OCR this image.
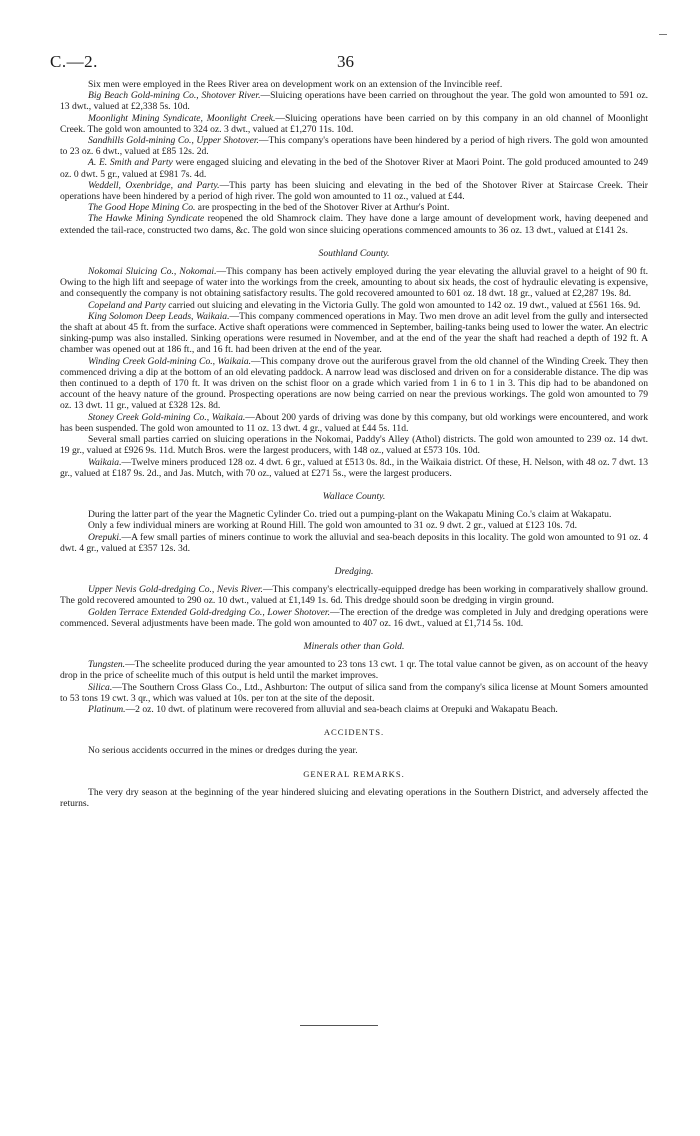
C.—2.	36

Six men were employed in the Rees River area on development work on an extension of the Invincible reef.

Big Beach Gold-mining Co., Shotover River.—Sluicing operations have been carried on throughout the year. The gold won amounted to 591 oz. 13 dwt., valued at £2,338 5s. 10d.

Moonlight Mining Syndicate, Moonlight Creek.—Sluicing operations have been carried on by this company in an old channel of Moonlight Creek. The gold won amounted to 324 oz. 3 dwt., valued at £1,270 11s. 10d.

Sandhills Gold-mining Co., Upper Shotover.—This company's operations have been hindered by a period of high rivers. The gold won amounted to 23 oz. 6 dwt., valued at £85 12s. 2d.

A. E. Smith and Party were engaged sluicing and elevating in the bed of the Shotover River at Maori Point. The gold produced amounted to 249 oz. 0 dwt. 5 gr., valued at £981 7s. 4d.

Weddell, Oxenbridge, and Party.—This party has been sluicing and elevating in the bed of the Shotover River at Staircase Creek. Their operations have been hindered by a period of high river. The gold won amounted to 11 oz., valued at £44.

The Good Hope Mining Co. are prospecting in the bed of the Shotover River at Arthur's Point.

The Hawke Mining Syndicate reopened the old Shamrock claim. They have done a large amount of development work, having deepened and extended the tail-race, constructed two dams, &c. The gold won since sluicing operations commenced amounts to 36 oz. 13 dwt., valued at £141 2s.

Southland County.

Nokomai Sluicing Co., Nokomai.—This company has been actively employed during the year elevating the alluvial gravel to a height of 90 ft. Owing to the high lift and seepage of water into the workings from the creek, amounting to about six heads, the cost of hydraulic elevating is expensive, and consequently the company is not obtaining satisfactory results. The gold recovered amounted to 601 oz. 18 dwt. 18 gr., valued at £2,287 19s. 8d.

Copeland and Party carried out sluicing and elevating in the Victoria Gully. The gold won amounted to 142 oz. 19 dwt., valued at £561 16s. 9d.

King Solomon Deep Leads, Waikaia.—This company commenced operations in May. Two men drove an adit level from the gully and intersected the shaft at about 45 ft. from the surface. Active shaft operations were commenced in September, bailing-tanks being used to lower the water. An electric sinking-pump was also installed. Sinking operations were resumed in November, and at the end of the year the shaft had reached a depth of 192 ft. A chamber was opened out at 186 ft., and 16 ft. had been driven at the end of the year.

Winding Creek Gold-mining Co., Waikaia.—This company drove out the auriferous gravel from the old channel of the Winding Creek. They then commenced driving a dip at the bottom of an old elevating paddock. A narrow lead was disclosed and driven on for a considerable distance. The dip was then continued to a depth of 170 ft. It was driven on the schist floor on a grade which varied from 1 in 6 to 1 in 3. This dip had to be abandoned on account of the heavy nature of the ground. Prospecting operations are now being carried on near the previous workings. The gold won amounted to 79 oz. 13 dwt. 11 gr., valued at £328 12s. 8d.

Stoney Creek Gold-mining Co., Waikaia.—About 200 yards of driving was done by this company, but old workings were encountered, and work has been suspended. The gold won amounted to 11 oz. 13 dwt. 4 gr., valued at £44 5s. 11d.

Several small parties carried on sluicing operations in the Nokomai, Paddy's Alley (Athol) districts. The gold won amounted to 239 oz. 14 dwt. 19 gr., valued at £926 9s. 11d. Mutch Bros. were the largest producers, with 148 oz., valued at £573 10s. 10d.

Waikaia.—Twelve miners produced 128 oz. 4 dwt. 6 gr., valued at £513 0s. 8d., in the Waikaia district. Of these, H. Nelson, with 48 oz. 7 dwt. 13 gr., valued at £187 9s. 2d., and Jas. Mutch, with 70 oz., valued at £271 5s., were the largest producers.

Wallace County.

During the latter part of the year the Magnetic Cylinder Co. tried out a pumping-plant on the Wakapatu Mining Co.'s claim at Wakapatu.

Only a few individual miners are working at Round Hill. The gold won amounted to 31 oz. 9 dwt. 2 gr., valued at £123 10s. 7d.

Orepuki.—A few small parties of miners continue to work the alluvial and sea-beach deposits in this locality. The gold won amounted to 91 oz. 4 dwt. 4 gr., valued at £357 12s. 3d.

Dredging.

Upper Nevis Gold-dredging Co., Nevis River.—This company's electrically-equipped dredge has been working in comparatively shallow ground. The gold recovered amounted to 290 oz. 10 dwt., valued at £1,149 1s. 6d. This dredge should soon be dredging in virgin ground.

Golden Terrace Extended Gold-dredging Co., Lower Shotover.—The erection of the dredge was completed in July and dredging operations were commenced. Several adjustments have been made. The gold won amounted to 407 oz. 16 dwt., valued at £1,714 5s. 10d.

Minerals other than Gold.

Tungsten.—The scheelite produced during the year amounted to 23 tons 13 cwt. 1 qr. The total value cannot be given, as on account of the heavy drop in the price of scheelite much of this output is held until the market improves.

Silica.—The Southern Cross Glass Co., Ltd., Ashburton: The output of silica sand from the company's silica license at Mount Somers amounted to 53 tons 19 cwt. 3 qr., which was valued at 10s. per ton at the site of the deposit.

Platinum.—2 oz. 10 dwt. of platinum were recovered from alluvial and sea-beach claims at Orepuki and Wakapatu Beach.

ACCIDENTS.

No serious accidents occurred in the mines or dredges during the year.

GENERAL REMARKS.

The very dry season at the beginning of the year hindered sluicing and elevating operations in the Southern District, and adversely affected the returns.
